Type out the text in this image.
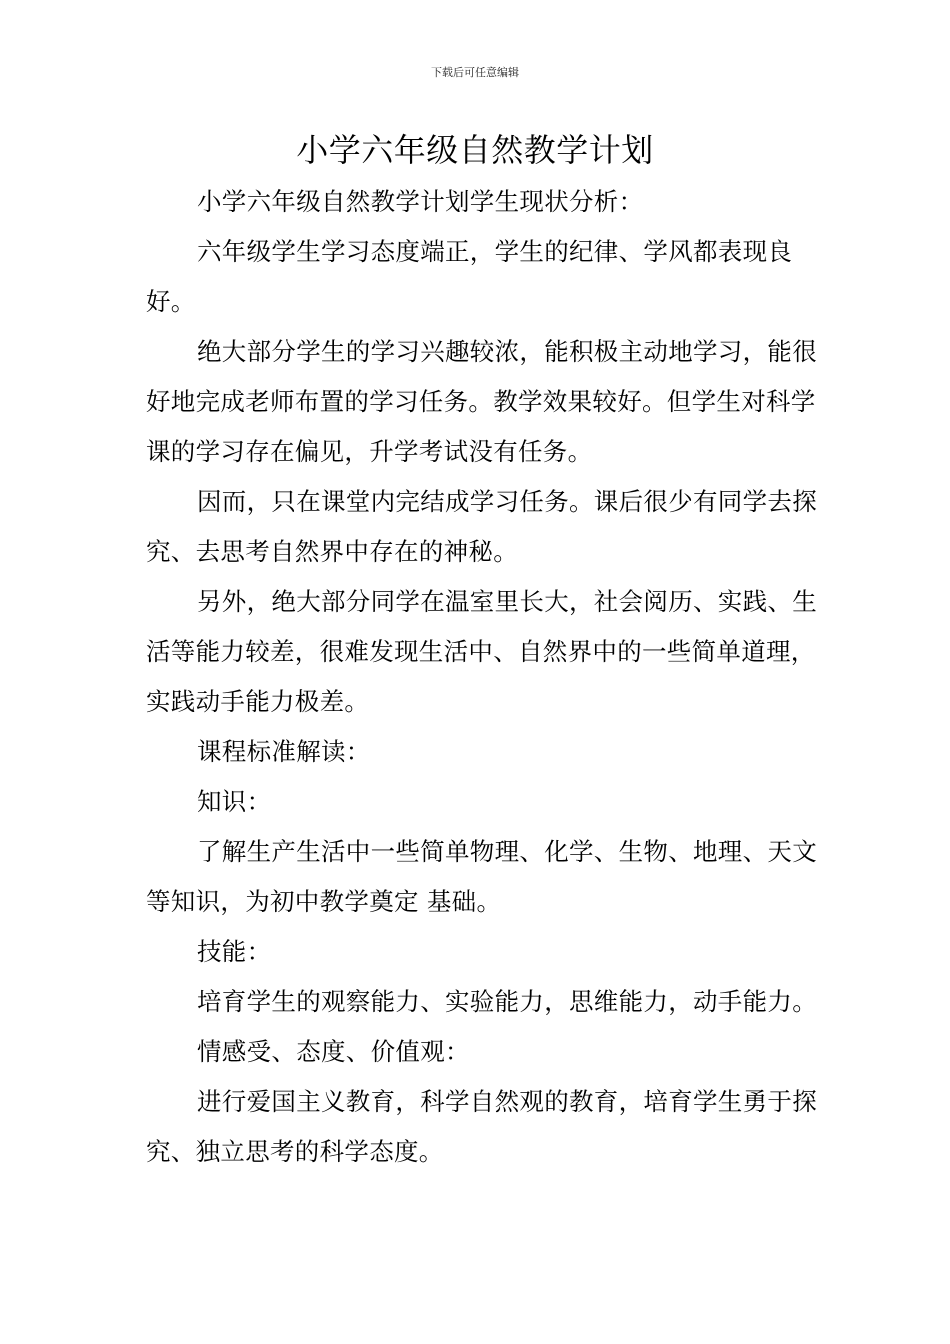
下载后可任意编辑
小学六年级自然教学计划

小学六年级自然教学计划学生现状分析：

六年级学生学习态度端正，学生的纪律、学风都表现良好。

绝大部分学生的学习兴趣较浓，能积极主动地学习，能很好地完成老师布置的学习任务。教学效果较好。但学生对科学课的学习存在偏见，升学考试没有任务。

因而，只在课堂内完结成学习任务。课后很少有同学去探究、去思考自然界中存在的神秘。

另外，绝大部分同学在温室里长大，社会阅历、实践、生活等能力较差，很难发现生活中、自然界中的一些简单道理，实践动手能力极差。

课程标准解读：

知识：

了解生产生活中一些简单物理、化学、生物、地理、天文等知识，为初中教学奠定 基础。

技能：

培育学生的观察能力、实验能力，思维能力，动手能力。

情感受、态度、价值观：

进行爱国主义教育，科学自然观的教育，培育学生勇于探究、独立思考的科学态度。
